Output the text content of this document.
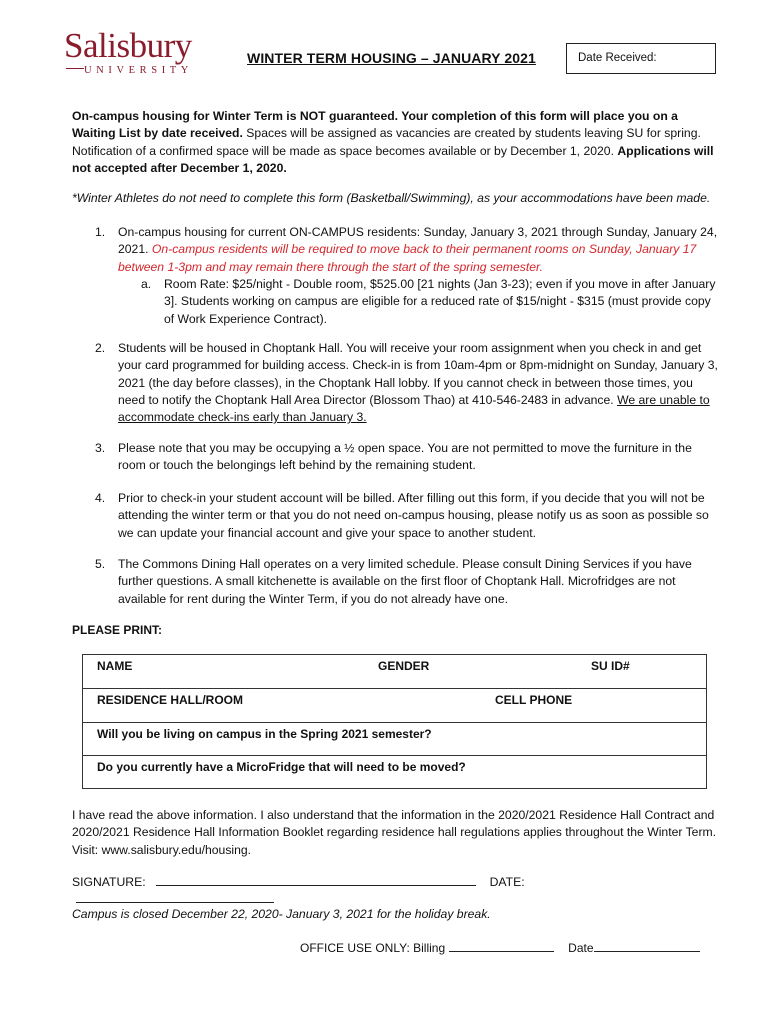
Salisbury
UNIVERSITY
WINTER TERM HOUSING – JANUARY 2021	Date Received:
On-campus housing for Winter Term is NOT guaranteed. Your completion of this form will place you on a Waiting List by date received. Spaces will be assigned as vacancies are created by students leaving SU for spring. Notification of a confirmed space will be made as space becomes available or by December 1, 2020. Applications will not accepted after December 1, 2020.
*Winter Athletes do not need to complete this form (Basketball/Swimming), as your accommodations have been made.
1. On-campus housing for current ON-CAMPUS residents: Sunday, January 3, 2021 through Sunday, January 24, 2021. On-campus residents will be required to move back to their permanent rooms on Sunday, January 17 between 1-3pm and may remain there through the start of the spring semester.
a. Room Rate: $25/night - Double room, $525.00 [21 nights (Jan 3-23); even if you move in after January 3]. Students working on campus are eligible for a reduced rate of $15/night - $315 (must provide copy of Work Experience Contract).
2. Students will be housed in Choptank Hall. You will receive your room assignment when you check in and get your card programmed for building access. Check-in is from 10am-4pm or 8pm-midnight on Sunday, January 3, 2021 (the day before classes), in the Choptank Hall lobby. If you cannot check in between those times, you need to notify the Choptank Hall Area Director (Blossom Thao) at 410-546-2483 in advance. We are unable to accommodate check-ins early than January 3.
3. Please note that you may be occupying a ½ open space. You are not permitted to move the furniture in the room or touch the belongings left behind by the remaining student.
4. Prior to check-in your student account will be billed. After filling out this form, if you decide that you will not be attending the winter term or that you do not need on-campus housing, please notify us as soon as possible so we can update your financial account and give your space to another student.
5. The Commons Dining Hall operates on a very limited schedule. Please consult Dining Services if you have further questions. A small kitchenette is available on the first floor of Choptank Hall. Microfridges are not available for rent during the Winter Term, if you do not already have one.
PLEASE PRINT:
NAME	GENDER	SU ID#

RESIDENCE HALL/ROOM	CELL PHONE

Will you be living on campus in the Spring 2021 semester?
Do you currently have a MicroFridge that will need to be moved?
I have read the above information. I also understand that the information in the 2020/2021 Residence Hall Contract and 2020/2021 Residence Hall Information Booklet regarding residence hall regulations applies throughout the Winter Term. Visit: www.salisbury.edu/housing.
SIGNATURE:	DATE:
Campus is closed December 22, 2020- January 3, 2021 for the holiday break.
OFFICE USE ONLY: Billing	Date
